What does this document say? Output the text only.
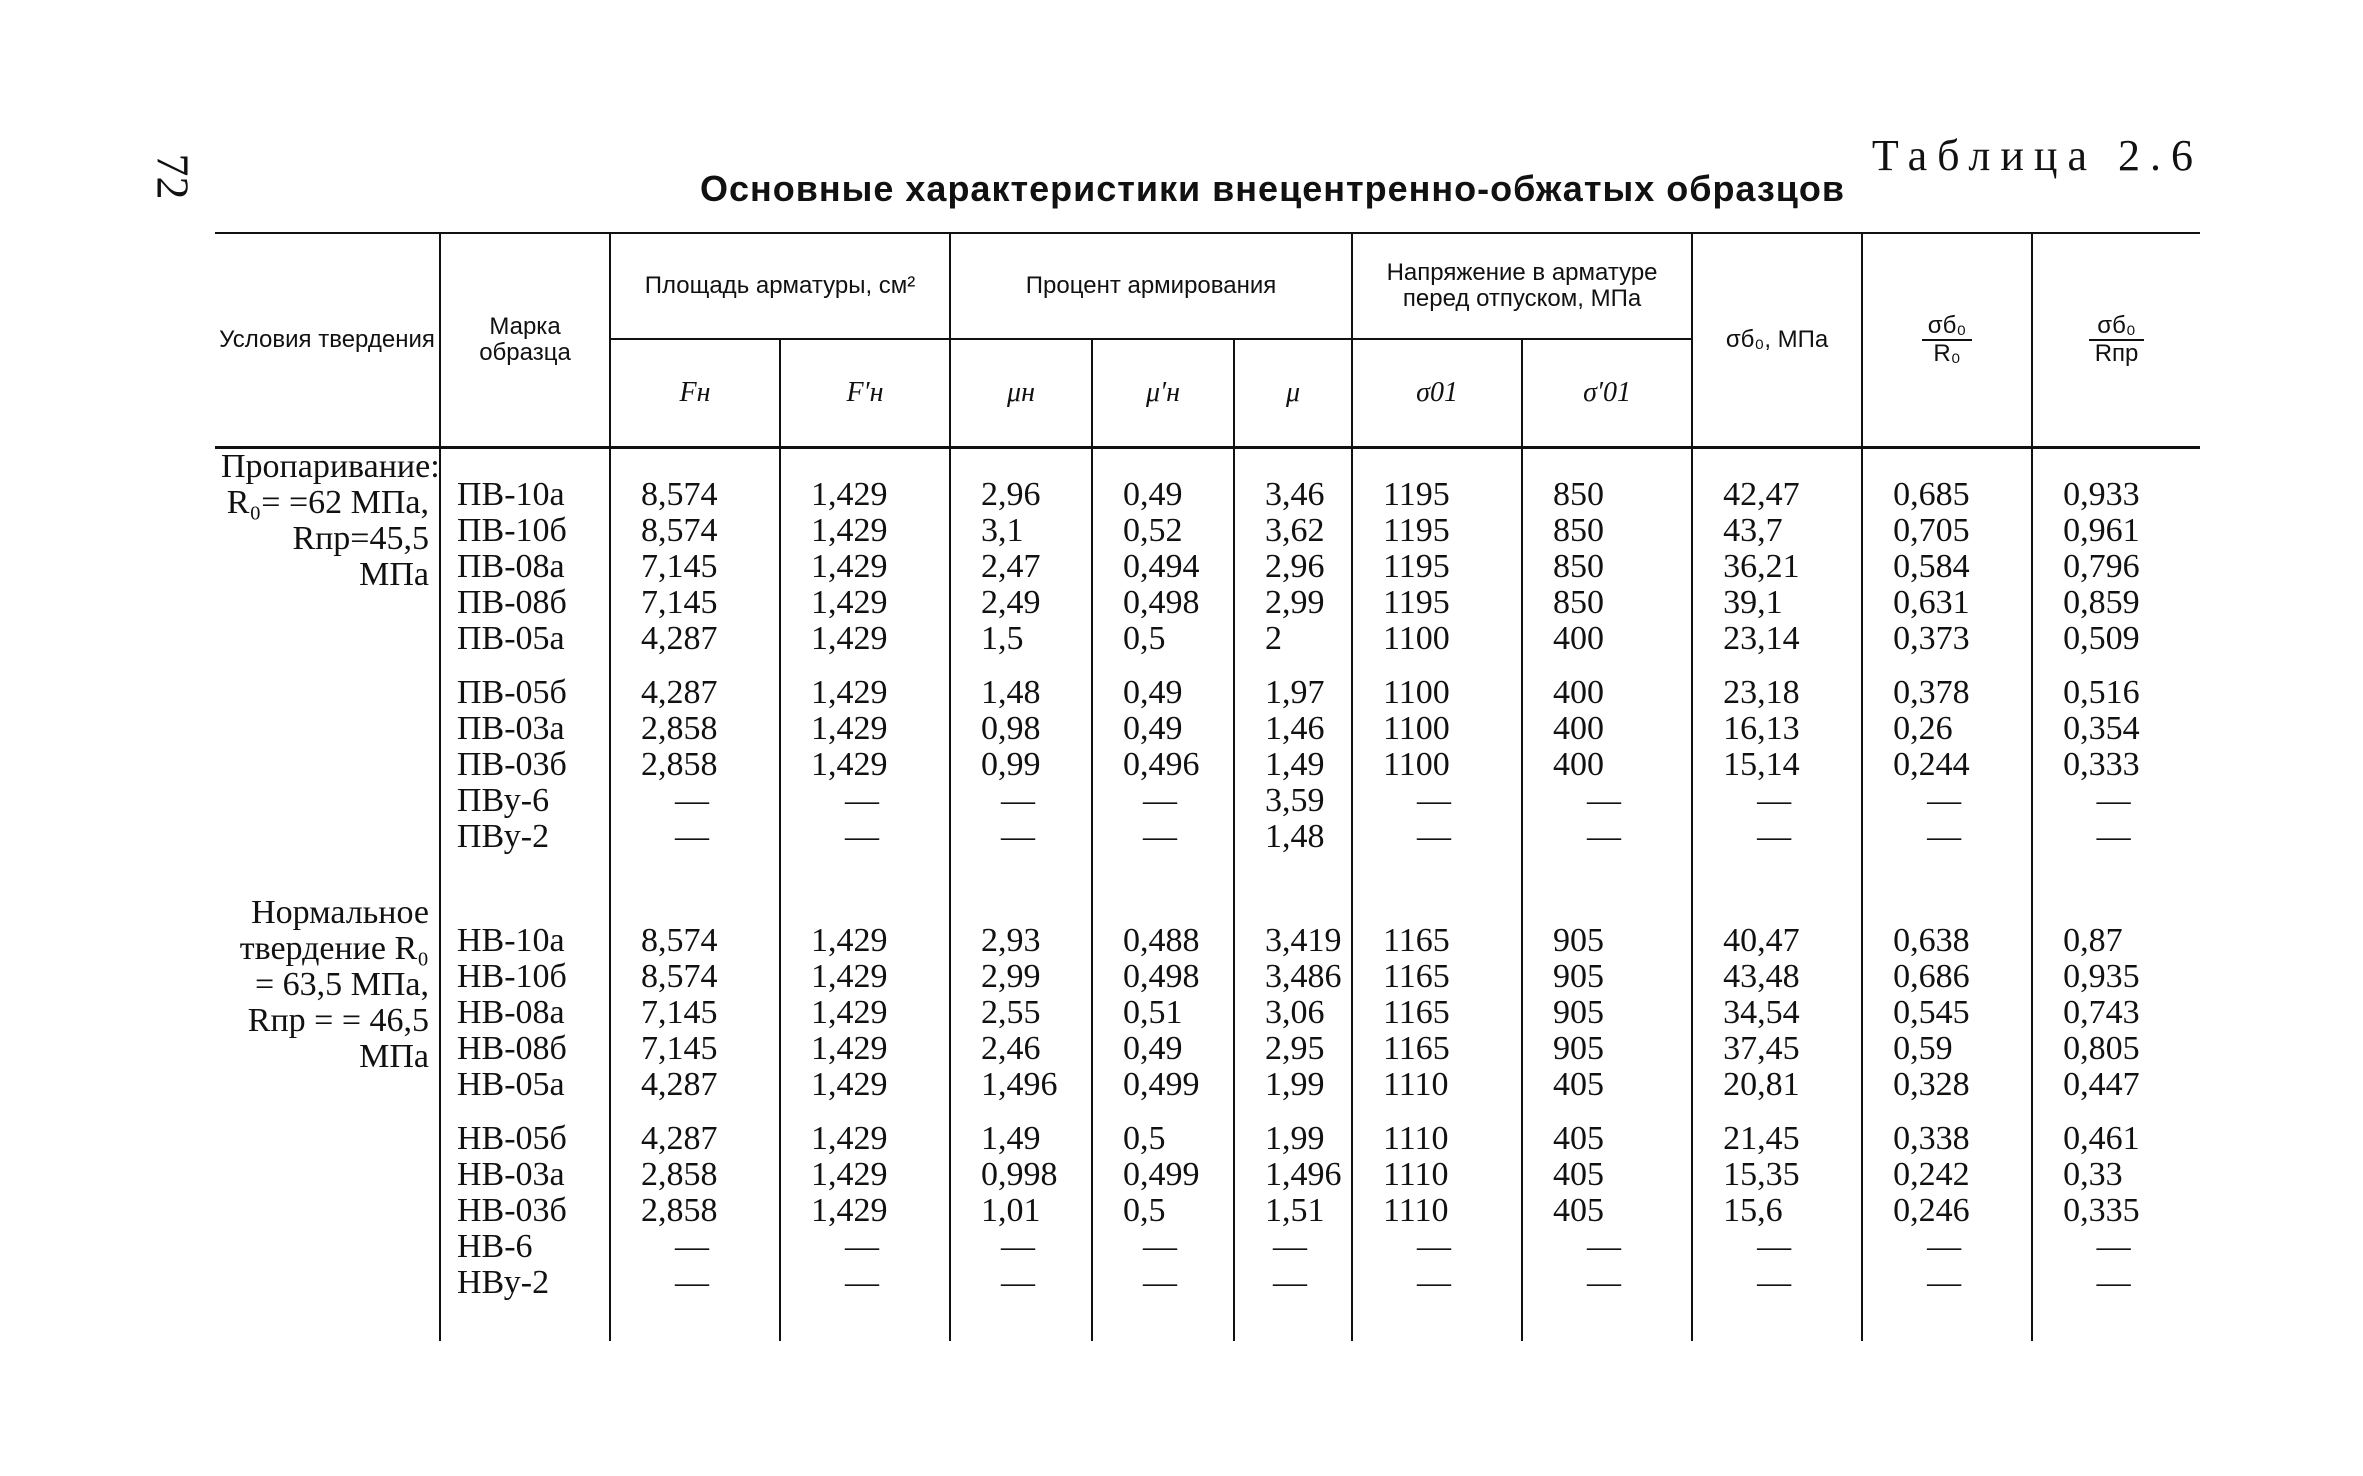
72	Таблица 2.6
Основные характеристики внецентренно-обжатых образцов
Условия твердения	Марка образца	Площадь арматуры, см²		Процент армирования			Напряжение в арматуре перед отпуском, МПа		σб₀, МПа	$\frac{\text{σб₀}}{\text{R₀}}$	$\frac{\text{σб₀}}{\text{Rпр}}$

		Fн	F′н	μн	μ′н	μ	σ01	σ′01			
Пропаривание: R₀= =62 МПа, Rпр=45,5 МПа											
	ПВ-10а	8,574	1,429	2,96	0,49	3,46	1195	850	42,47	0,685	0,933
	ПВ-10б	8,574	1,429	3,1	0,52	3,62	1195	850	43,7	0,705	0,961
	ПВ-08а	7,145	1,429	2,47	0,494	2,96	1195	850	36,21	0,584	0,796
	ПВ-08б	7,145	1,429	2,49	0,498	2,99	1195	850	39,1	0,631	0,859
	ПВ-05а	4,287	1,429	1,5	0,5	2	1100	400	23,14	0,373	0,509

	ПВ-05б	4,287	1,429	1,48	0,49	1,97	1100	400	23,18	0,378	0,516
	ПВ-03а	2,858	1,429	0,98	0,49	1,46	1100	400	16,13	0,26	0,354
	ПВ-03б	2,858	1,429	0,99	0,496	1,49	1100	400	15,14	0,244	0,333
	ПВу-6	—	—	—	—	3,59	—	—	—	—	—
	ПВу-2	—	—	—	—	1,48	—	—	—	—	—

Нормальное твердение R₀ = 63,5 МПа, Rпр = = 46,5 МПа											
	НВ-10а	8,574	1,429	2,93	0,488	3,419	1165	905	40,47	0,638	0,87
	НВ-10б	8,574	1,429	2,99	0,498	3,486	1165	905	43,48	0,686	0,935
	НВ-08а	7,145	1,429	2,55	0,51	3,06	1165	905	34,54	0,545	0,743
	НВ-08б	7,145	1,429	2,46	0,49	2,95	1165	905	37,45	0,59	0,805
	НВ-05а	4,287	1,429	1,496	0,499	1,99	1110	405	20,81	0,328	0,447

	НВ-05б	4,287	1,429	1,49	0,5	1,99	1110	405	21,45	0,338	0,461
	НВ-03а	2,858	1,429	0,998	0,499	1,496	1110	405	15,35	0,242	0,33
	НВ-03б	2,858	1,429	1,01	0,5	1,51	1110	405	15,6	0,246	0,335
	НВ-6	—	—	—	—	—	—	—	—	—	—
	НВу-2	—	—	—	—	—	—	—	—	—	—
